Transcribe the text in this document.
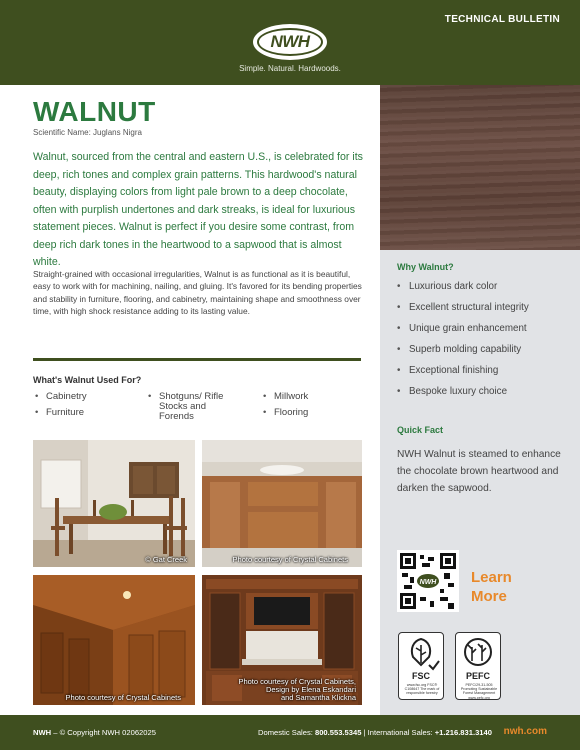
TECHNICAL BULLETIN
NWH
Simple. Natural. Hardwoods.
WALNUT
Scientific Name: Juglans Nigra
Walnut, sourced from the central and eastern U.S., is celebrated for its deep, rich tones and complex grain patterns. This hardwood's natural beauty, displaying colors from light pale brown to a deep chocolate, often with purplish undertones and dark streaks, is ideal for luxurious statement pieces. Walnut is perfect if you desire some contrast, from deep rich dark tones in the heartwood to a sapwood that is almost white.
Straight-grained with occasional irregularities, Walnut is as functional as it is beautiful, easy to work with for machining, nailing, and gluing. It's favored for its bending properties and stability in furniture, flooring, and cabinetry, maintaining shape and smoothness over time, with high shock resistance adding to its lasting value.
What's Walnut Used For?
• Cabinetry
• Furniture
• Shotguns/ Rifle Stocks and Forends
• Millwork
• Flooring
© Gat Creek	Photo courtesy of Crystal Cabinets
Photo courtesy of Crystal Cabinets
Photo courtesy of Crystal Cabinets,
Design by Elena Eskandari
and Samantha Klickna
Why Walnut?
• Luxurious dark color
• Excellent structural integrity
• Unique grain enhancement
• Superb molding capability
• Exceptional finishing
• Bespoke luxury choice
Quick Fact
NWH Walnut is steamed to enhance the chocolate brown heartwood and darken the sapwood.
NWH Learn
More
FSC
www.fsc.org FSC® C108647 The mark of responsible forestry
PEFC
PEFC/29-31-505 Promoting Sustainable Forest Management www.pefc.org
NWH – © Copyright NWH 02062025	Domestic Sales: 800.553.5345 | International Sales: +1.216.831.3140 nwh.com
